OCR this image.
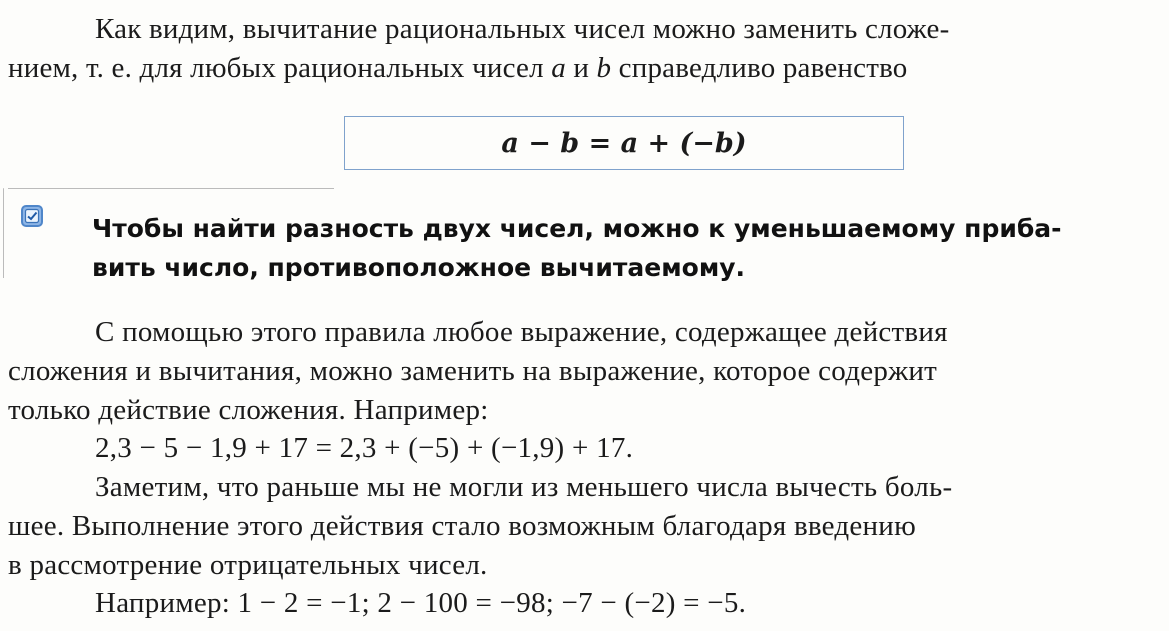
Как видим, вычитание рациональных чисел можно заменить сложе-
нием, т. е. для любых рациональных чисел a и b справедливо равенство
a − b = a + (−b)
Чтобы найти разность двух чисел, можно к уменьшаемому приба-
вить число, противоположное вычитаемому.
С помощью этого правила любое выражение, содержащее действия
сложения и вычитания, можно заменить на выражение, которое содержит
только действие сложения. Например:
2,3 − 5 − 1,9 + 17 = 2,3 + (−5) + (−1,9) + 17.
Заметим, что раньше мы не могли из меньшего числа вычесть боль-
шее. Выполнение этого действия стало возможным благодаря введению
в рассмотрение отрицательных чисел.
Например: 1 − 2 = −1; 2 − 100 = −98; −7 − (−2) = −5.
